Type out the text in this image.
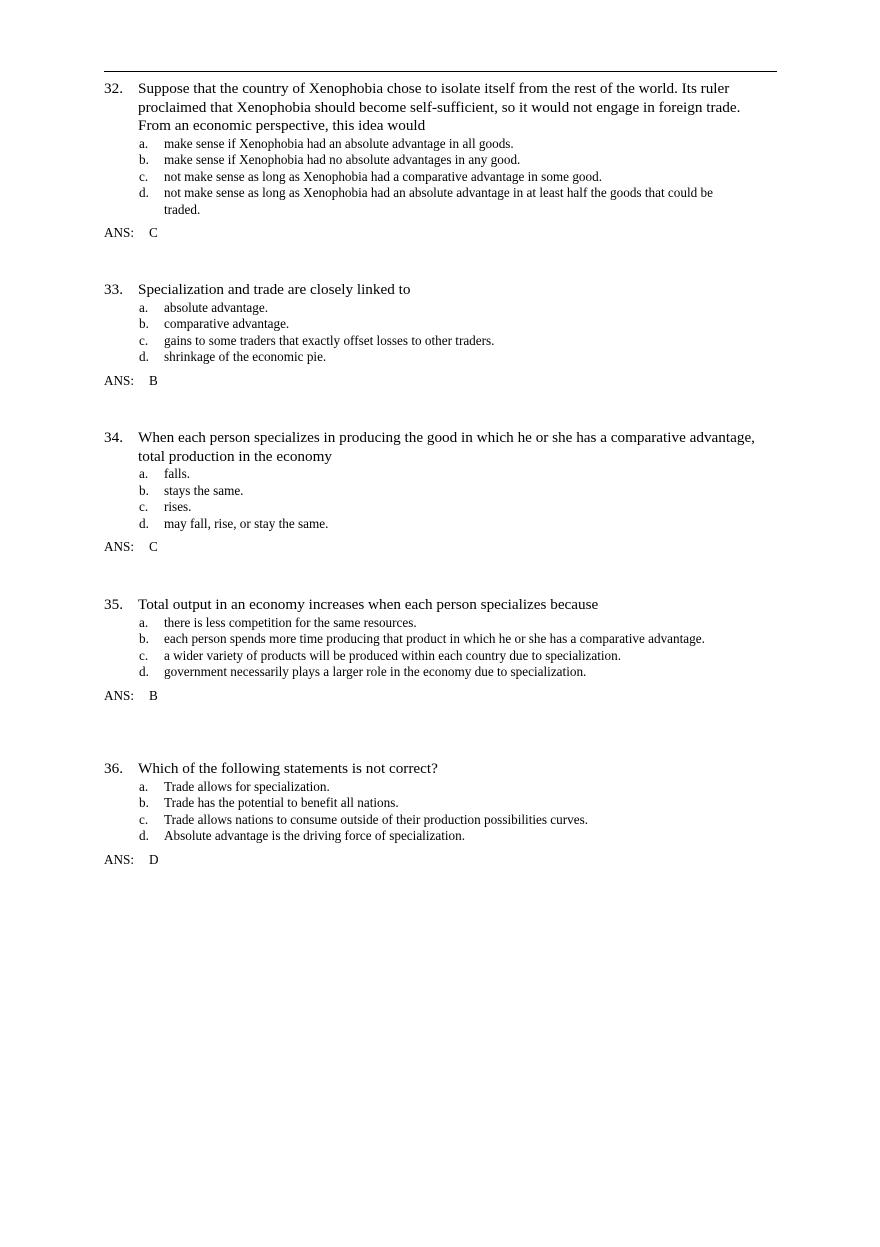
32. Suppose that the country of Xenophobia chose to isolate itself from the rest of the world. Its ruler proclaimed that Xenophobia should become self-sufficient, so it would not engage in foreign trade. From an economic perspective, this idea would
a. make sense if Xenophobia had an absolute advantage in all goods.
b. make sense if Xenophobia had no absolute advantages in any good.
c. not make sense as long as Xenophobia had a comparative advantage in some good.
d. not make sense as long as Xenophobia had an absolute advantage in at least half the goods that could be traded.
ANS: C
33. Specialization and trade are closely linked to
a. absolute advantage.
b. comparative advantage.
c. gains to some traders that exactly offset losses to other traders.
d. shrinkage of the economic pie.
ANS: B
34. When each person specializes in producing the good in which he or she has a comparative advantage, total production in the economy
a. falls.
b. stays the same.
c. rises.
d. may fall, rise, or stay the same.
ANS: C
35. Total output in an economy increases when each person specializes because
a. there is less competition for the same resources.
b. each person spends more time producing that product in which he or she has a comparative advantage.
c. a wider variety of products will be produced within each country due to specialization.
d. government necessarily plays a larger role in the economy due to specialization.
ANS: B
36. Which of the following statements is not correct?
a. Trade allows for specialization.
b. Trade has the potential to benefit all nations.
c. Trade allows nations to consume outside of their production possibilities curves.
d. Absolute advantage is the driving force of specialization.
ANS: D
